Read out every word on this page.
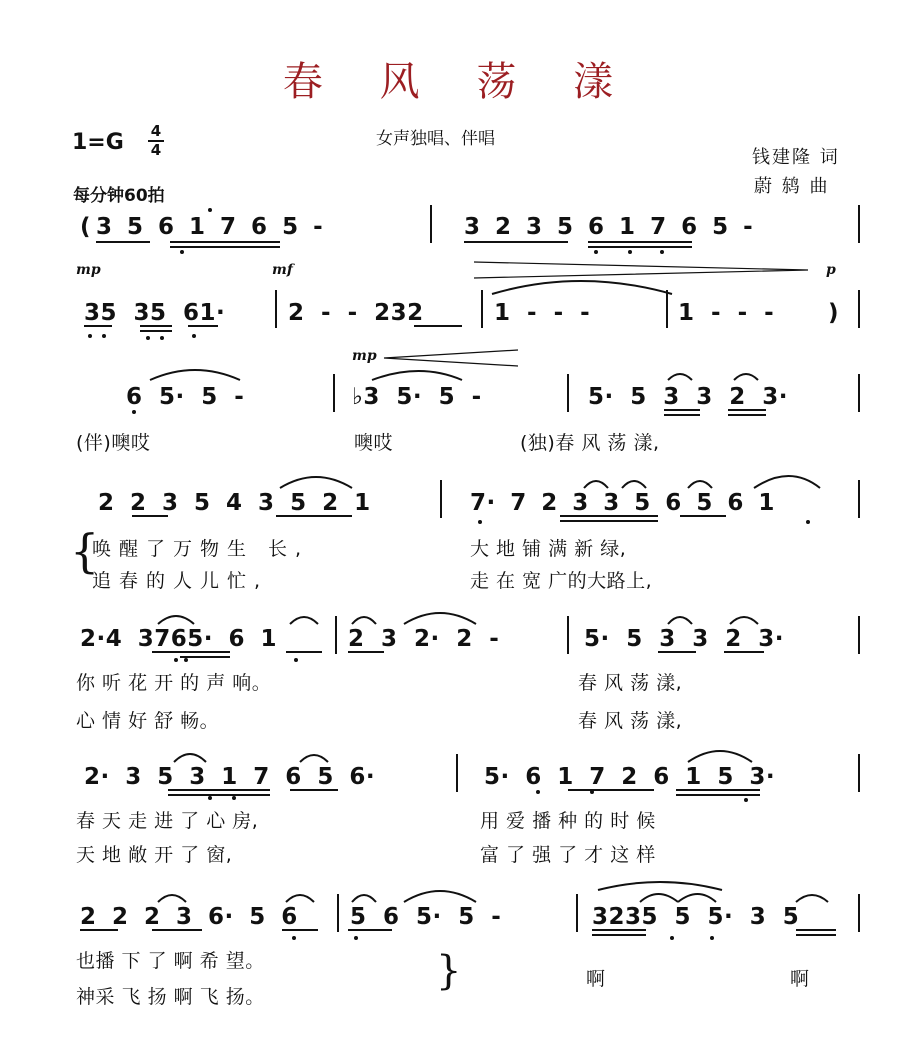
春 风 荡 漾
1=G 4
4
每分钟60拍
女声独唱、伴唱
钱建隆 词
蔚 鸫 曲
( 3 5 6 1 7 6 5 -	3 2 3 5 6 1 7 6 5 -
mp	mf	p
35 35 61·	2 - - 232	1 - - -	1 - - - )
mp
6 5· 5 -	♭3 5· 5 -	5· 5 3 3 2 3·
(伴)噢哎	噢哎	(独)春 风 荡 漾,
2 2 3 5 4 3 5 2 1	7· 7 2 3 3 5 6 5 6 1
{
唤醒了万物生 长,	大 地 铺 满 新 绿,
追春的人儿忙,	走 在 宽 广的大路上,
2·4 3765· 6 1	2 3 2· 2 -	5· 5 3 3 2 3·
你 听 花 开 的 声 响。	春 风 荡 漾,
心 情 好 舒 畅。	春 风 荡 漾,
2· 3 5 3 1 7 6 5 6·	5· 6 1 7 2 6 1 5 3·
春 天 走 进 了 心 房,	用 爱 播 种 的 时 候
天 地 敞 开 了 窗,	富 了 强 了 才 这 样
2 2 2 3 6· 5 6 5 6 5· 5 -	3235 5 5· 3 5
也播 下 了 啊 希 望。
啊	啊
神采 飞 扬 啊 飞 扬。
}
